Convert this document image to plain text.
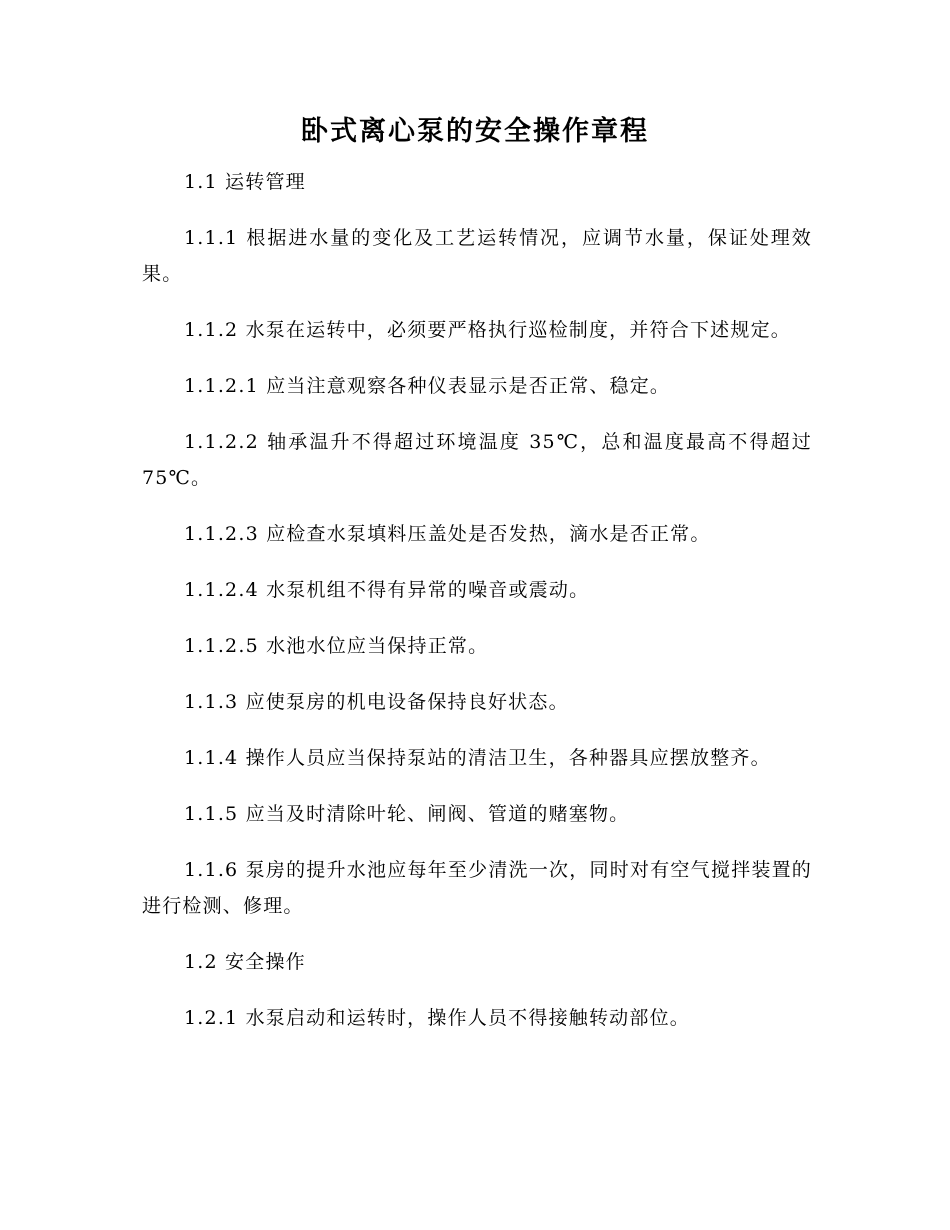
卧式离心泵的安全操作章程

1.1 运转管理

1.1.1 根据进水量的变化及工艺运转情况，应调节水量，保证处理效果。

1.1.2 水泵在运转中，必须要严格执行巡检制度，并符合下述规定。

1.1.2.1 应当注意观察各种仪表显示是否正常、稳定。

1.1.2.2 轴承温升不得超过环境温度 35℃，总和温度最高不得超过 75℃。

1.1.2.3 应检查水泵填料压盖处是否发热，滴水是否正常。

1.1.2.4 水泵机组不得有异常的噪音或震动。

1.1.2.5 水池水位应当保持正常。

1.1.3 应使泵房的机电设备保持良好状态。

1.1.4 操作人员应当保持泵站的清洁卫生，各种器具应摆放整齐。

1.1.5 应当及时清除叶轮、闸阀、管道的赌塞物。

1.1.6 泵房的提升水池应每年至少清洗一次，同时对有空气搅拌装置的进行检测、修理。

1.2 安全操作

1.2.1 水泵启动和运转时，操作人员不得接触转动部位。
